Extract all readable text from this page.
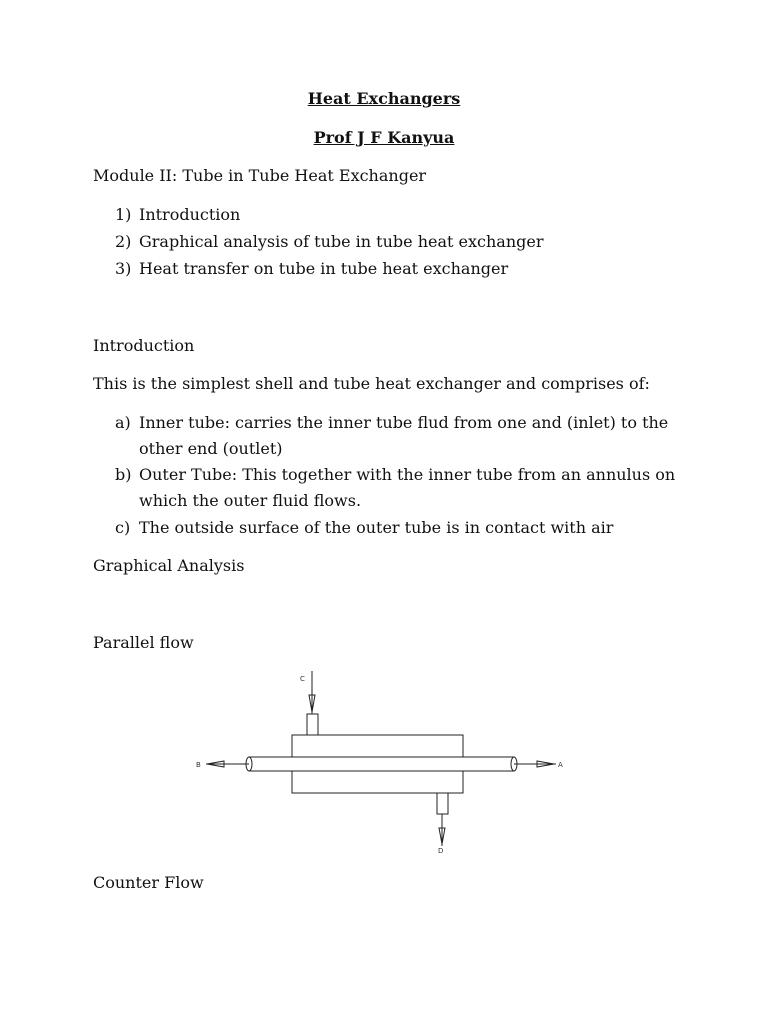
Heat Exchangers
Prof J F Kanyua
Module II: Tube in Tube Heat Exchanger
1) Introduction
2) Graphical analysis of tube in tube heat exchanger
3) Heat transfer on tube in tube heat exchanger
Introduction
This is the simplest shell and tube heat exchanger and comprises of:
a) Inner tube: carries the inner tube flud from one and (inlet) to the
other end (outlet)
b) Outer Tube: This together with the inner tube from an annulus on
which the outer fluid flows.
c) The outside surface of the outer tube is in contact with air
Graphical Analysis
Parallel flow
C
D
B	A
Counter Flow
